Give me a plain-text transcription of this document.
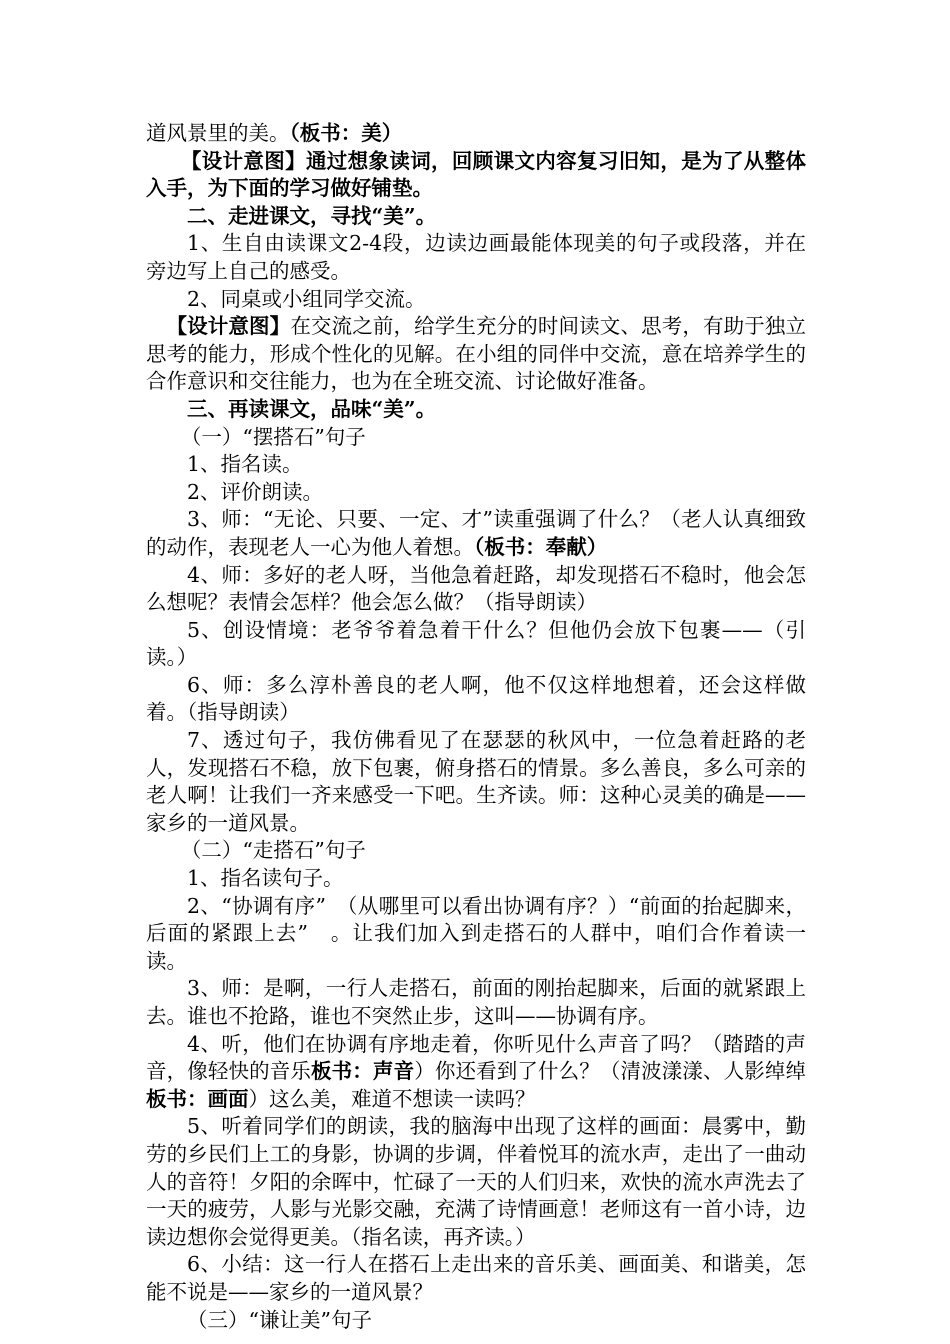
道风景里的美。（板书：美）

【设计意图】通过想象读词，回顾课文内容复习旧知，是为了从整体入手，为下面的学习做好铺垫。

二、走进课文，寻找“美”。

1、生自由读课文2-4段，边读边画最能体现美的句子或段落，并在旁边写上自己的感受。

2、同桌或小组同学交流。

【设计意图】在交流之前，给学生充分的时间读文、思考，有助于独立思考的能力，形成个性化的见解。在小组的同伴中交流，意在培养学生的合作意识和交往能力，也为在全班交流、讨论做好准备。

三、再读课文，品味“美”。

（一）“摆搭石”句子

1、指名读。

2、评价朗读。

3、师：“无论、只要、一定、才”读重强调了什么？（老人认真细致的动作，表现老人一心为他人着想。（板书：奉献）

4、师：多好的老人呀，当他急着赶路，却发现搭石不稳时，他会怎么想呢？表情会怎样？他会怎么做？（指导朗读）

5、创设情境：老爷爷着急着干什么？但他仍会放下包裹——（引读。）

6、师：多么淳朴善良的老人啊，他不仅这样地想着，还会这样做着。（指导朗读）

7、透过句子，我仿佛看见了在瑟瑟的秋风中，一位急着赶路的老人，发现搭石不稳，放下包裹，俯身搭石的情景。多么善良，多么可亲的老人啊！让我们一齐来感受一下吧。生齐读。师：这种心灵美的确是——家乡的一道风景。

（二）“走搭石”句子

1、指名读句子。

2、“协调有序”　（从哪里可以看出协调有序？）“前面的抬起脚来，后面的紧跟上去”　。让我们加入到走搭石的人群中，咱们合作着读一读。

3、师：是啊，一行人走搭石，前面的刚抬起脚来，后面的就紧跟上去。谁也不抢路，谁也不突然止步，这叫——协调有序。

4、听，他们在协调有序地走着，你听见什么声音了吗？（踏踏的声音，像轻快的音乐板书：声音）你还看到了什么？（清波漾漾、人影绰绰板书：画面）这么美，难道不想读一读吗？

5、听着同学们的朗读，我的脑海中出现了这样的画面：晨雾中，勤劳的乡民们上工的身影，协调的步调，伴着悦耳的流水声，走出了一曲动人的音符！夕阳的余晖中，忙碌了一天的人们归来，欢快的流水声洗去了一天的疲劳，人影与光影交融，充满了诗情画意！老师这有一首小诗，边读边想你会觉得更美。（指名读，再齐读。）

6、小结：这一行人在搭石上走出来的音乐美、画面美、和谐美，怎能不说是——家乡的一道风景？

（三）“谦让美”句子
